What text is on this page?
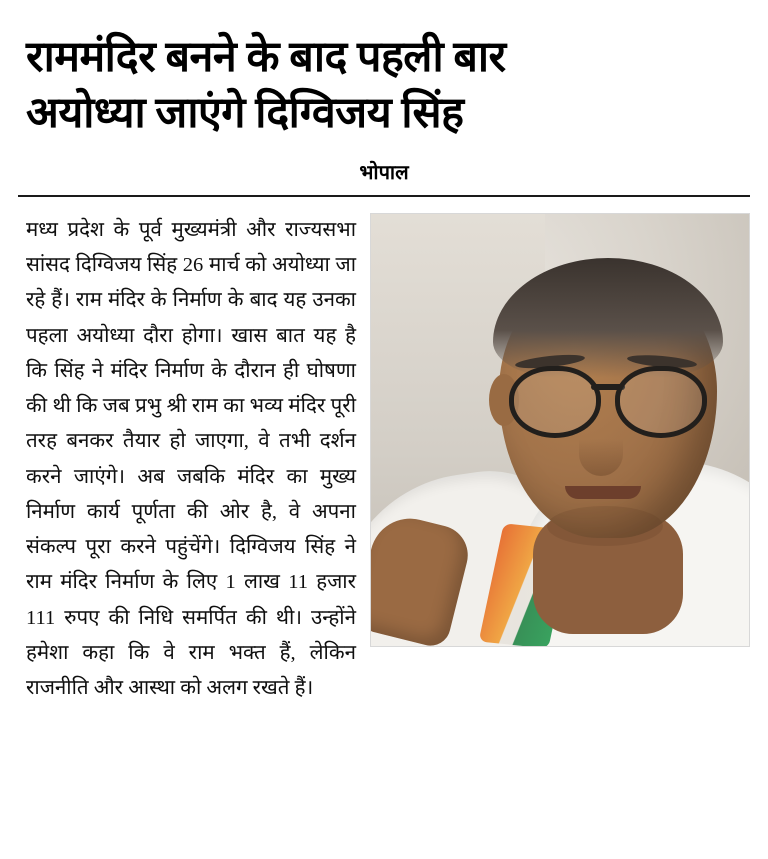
राममंदिर बनने के बाद पहली बार
अयोध्या जाएंगे दिग्विजय सिंह
भोपाल

मध्य प्रदेश के पूर्व मुख्यमंत्री और राज्यसभा सांसद दिग्विजय सिंह 26 मार्च को अयोध्या जा रहे हैं। राम मंदिर के निर्माण के बाद यह उनका पहला अयोध्या दौरा होगा। खास बात यह है कि सिंह ने मंदिर निर्माण के दौरान ही घोषणा की थी कि जब प्रभु श्री राम का भव्य मंदिर पूरी तरह बनकर तैयार हो जाएगा, वे तभी दर्शन करने जाएंगे। अब जबकि मंदिर का मुख्य निर्माण कार्य पूर्णता की ओर है, वे अपना संकल्प पूरा करने पहुंचेंगे। दिग्विजय सिंह ने राम मंदिर निर्माण के लिए 1 लाख 11 हजार 111 रुपए की निधि समर्पित की थी। उन्होंने हमेशा कहा कि वे राम भक्त हैं, लेकिन राजनीति और आस्था को अलग रखते हैं।
